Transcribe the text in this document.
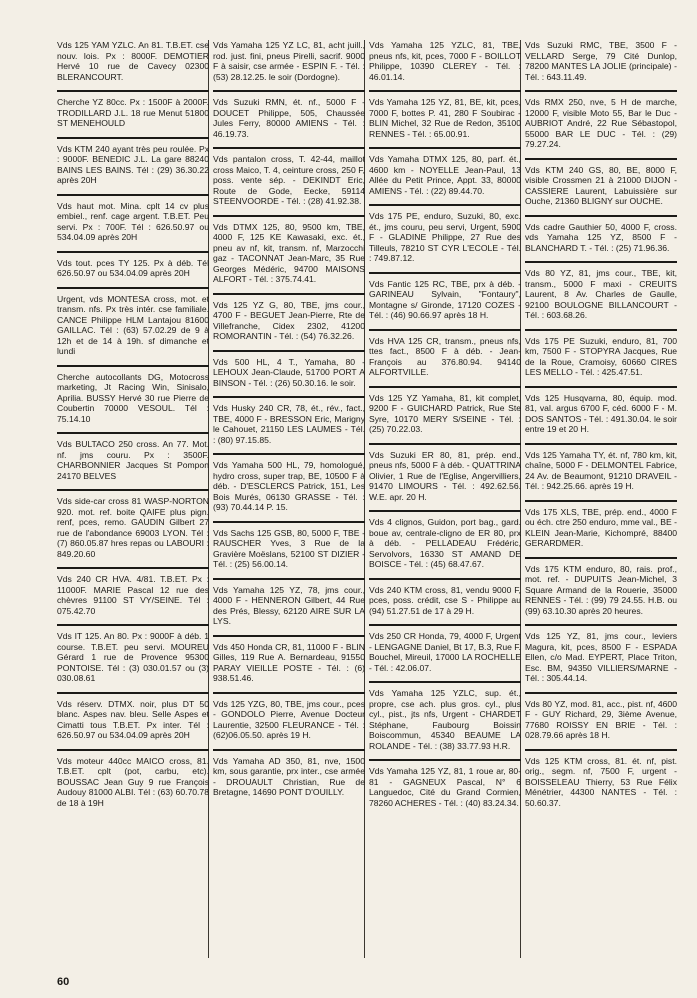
Vds 125 YAM YZLC. An 81. T.B.ET. cse nouv. lois. Px : 8000F. DEMOTIER Hervé 10 rue de Cavecy 02300 BLERANCOURT.

Cherche YZ 80cc. Px : 1500F à 2000F. TRODILLARD J.L. 18 rue Menut 51800 ST MENEHOULD

Vds KTM 240 ayant très peu roulée. Px : 9000F. BENEDIC J.L. La gare 88240 BAINS LES BAINS. Tél : (29) 36.30.22 après 20H

Vds haut mot. Mina. cplt 14 cv plus embiel., renf. cage argent. T.B.ET. Peu servi. Px : 700F. Tél : 626.50.97 ou 534.04.09 après 20H

Vds tout. pces TY 125. Px à déb. Tél 626.50.97 ou 534.04.09 après 20H

Urgent, vds MONTESA cross, mot. et transm. nfs. Px très intér. cse familiale. CANCE Philippe HLM Lantajou 81600 GAILLAC. Tél : (63) 57.02.29 de 9 à 12h et de 14 à 19h. sf dimanche et lundi

Cherche autocollants DG, Motocross marketing, Jt Racing Win, Sinisalo, Aprilia. BUSSY Hervé 30 rue Pierre de Coubertin 70000 VESOUL. Tél : 75.14.10

Vds BULTACO 250 cross. An 77. Mot. nf. jms couru. Px : 3500F. CHARBONNIER Jacques St Pompon 24170 BELVES

Vds side-car cross 81 WASP-NORTON 920. mot. ref. boite QAIFE plus pign. renf, pces, remo. GAUDIN Gilbert 27 rue de l'abondance 69003 LYON. Tél : (7) 860.05.87 hres repas ou LABOURI : 849.20.60

Vds 240 CR HVA. 4/81. T.B.ET. Px : 11000F. MARIE Pascal 12 rue des chèvres 91100 ST VY/SEINE. Tél : 075.42.70

Vds IT 125. An 80. Px : 9000F à déb. 1 course. T.B.ET. peu servi. MOUREU Gérard 1 rue de Provence 95300 PONTOISE. Tél : (3) 030.01.57 ou (3) 030.08.61

Vds réserv. DTMX. noir, plus DT 50 blanc. Aspes nav. bleu. Selle Aspes et Cimatti tous T.B.ET. Px inter. Tél : 626.50.97 ou 534.04.09 après 20H

Vds moteur 440cc MAICO cross, 81. T.B.ET. cplt (pot, carbu, etc). BOUSSAC Jean Guy 9 rue François Audouy 81000 ALBI. Tél : (63) 60.70.78 de 18 à 19H

Vds Yamaha 125 YZ LC, 81, acht juill., rod. just. fini, pneus Pirelli, sacrif. 9000 F à saisir, cse armée - ESPIN F. - Tél. : (53) 28.12.25. le soir (Dordogne).

Vds Suzuki RMN, ét. nf., 5000 F - DOUCET Philippe, 505, Chaussée Jules Ferry, 80000 AMIENS - Tél. : 46.19.73.

Vds pantalon cross, T. 42-44, maillot cross Maico, T. 4, ceinture cross, 250 F, poss. vente sép. - DEKINDT Eric, Route de Gode, Eecke, 59114 STEENVOORDE - Tél. : (28) 41.92.38.

Vds DTMX 125, 80, 9500 km, TBE, 4000 F, 125 KE Kawasaki, exc. ét., pneu av nf, kit, transm. nf, Marzocchi gaz - TACONNAT Jean-Marc, 35 Rue Georges Médéric, 94700 MAISONS ALFORT - Tél. : 375.74.41.

Vds 125 YZ G, 80, TBE, jms cour., 4700 F - BEGUET Jean-Pierre, Rte de Villefranche, Cidex 2302, 41200 ROMORANTIN - Tél. : (54) 76.32.26.

Vds 500 HL, 4 T., Yamaha, 80 - LEHOUX Jean-Claude, 51700 PORT A BINSON - Tél. : (26) 50.30.16. le soir.

Vds Husky 240 CR, 78, ét., rév., fact., TBE, 4000 F - BRESSON Eric, Marigny le Cahouet, 21150 LES LAUMES - Tél. : (80) 97.15.85.

Vds Yamaha 500 HL, 79, homologué, hydro cross, super trap, BE, 10500 F à déb. - D'ESCLERCS Patrick, 151, Les Bois Murés, 06130 GRASSE - Tél. : (93) 70.44.14 P. 15.

Vds Sachs 125 GSB, 80, 5000 F, TBE - RAUSCHER Yves, 3 Rue de la Gravière Moëslans, 52100 ST DIZIER - Tél. : (25) 56.00.14.

Vds Yamaha 125 YZ, 78, jms cour., 4000 F - HENNERON Gilbert, 44 Rue des Prés, Blessy, 62120 AIRE SUR LA LYS.

Vds 450 Honda CR, 81, 11000 F - BLIN Gilles, 119 Rue A. Bernardeau, 91550 PARAY VIEILLE POSTE - Tél. : (6) 938.51.46.

Vds 125 YZG, 80, TBE, jms cour., pces - GONDOLO Pierre, Avenue Docteur Laurentie, 32500 FLEURANCE - Tél. : (62)06.05.50. après 19 H.

Vds Yamaha AD 350, 81, nve, 1500 km, sous garantie, prx inter., cse armée - DROUAULT Christian, Rue de Bretagne, 14690 PONT D'OUILLY.

Vds Yamaha 125 YZLC, 81, TBE, pneus nfs, kit, pces, 7000 F - BOILLOT Philippe, 10390 CLEREY - Tél. : 46.01.14.

Vds Yamaha 125 YZ, 81, BE, kit, pces, 7000 F, bottes P. 41, 280 F Soubirac - BLIN Michel, 32 Rue de Redon, 35100 RENNES - Tél. : 65.00.91.

Vds Yamaha DTMX 125, 80, parf. ét., 4600 km - NOYELLE Jean-Paul, 13 Allée du Petit Prince, Appt. 33, 80000 AMIENS - Tél. : (22) 89.44.70.

Vds 175 PE, enduro, Suzuki, 80, exc. ét., jms couru, peu servi, Urgent, 5900 F - GLADINE Philippe, 27 Rue des Tilleuls, 78210 ST CYR L'ECOLE - Tél. : 749.87.12.

Vds Fantic 125 RC, TBE, prx à déb. - GARINEAU Sylvain, "Fontaury", Montagne s/ Gironde, 17120 COZES - Tél. : (46) 90.66.97 après 18 H.

Vds HVA 125 CR, transm., pneus nfs, ttes fact., 8500 F à déb. - Jean-François au 376.80.94. 94140 ALFORTVILLE.

Vds 125 YZ Yamaha, 81, kit complet, 9200 F - GUICHARD Patrick, Rue Ste Syre, 10170 MERY S/SEINE - Tél. : (25) 70.22.03.

Vds Suzuki ER 80, 81, prép. end., pneus nfs, 5000 F à déb. - QUATTRINA Olivier, 1 Rue de l'Eglise, Angervilliers, 91470 LIMOURS - Tél. : 492.62.56. W.E. apr. 20 H.

Vds 4 clignos, Guidon, port bag., gard. boue av, centrale-cligno de ER 80, prx à déb. - PELLADEAU Frédéric, Servolvors, 16330 ST AMAND DE BOISCE - Tél. : (45) 68.47.67.

Vds 240 KTM cross, 81, vendu 9000 F, pces, poss. crédit, cse S - Philippe au (94) 51.27.51 de 17 à 29 H.

Vds 250 CR Honda, 79, 4000 F, Urgent - LENGAGNE Daniel, Bt 17, B.3, Rue F. Bouchel, Mireuil, 17000 LA ROCHELLE - Tél. : 42.06.07.

Vds Yamaha 125 YZLC, sup. ét., propre, cse ach. plus gros. cyl., plus cyl., pist., jts nfs, Urgent - CHARDET Stéphane, Faubourg Boissin Boiscommun, 45340 BEAUME LA ROLANDE - Tél. : (38) 33.77.93 H.R.

Vds Yamaha 125 YZ, 81, 1 roue ar, 80-81 - GAGNEUX Pascal, N° 6 Languedoc, Cité du Grand Cormien, 78260 ACHERES - Tél. : (40) 83.24.34.

Vds Suzuki RMC, TBE, 3500 F - VELLARD Serge, 79 Cité Dunlop, 78200 MANTES LA JOLIE (principale) - Tél. : 643.11.49.

Vds RMX 250, nve, 5 H de marche, 12000 F, visible Moto 55, Bar le Duc - AUBRIOT André, 22 Rue Sébastopol, 55000 BAR LE DUC - Tél. : (29) 79.27.24.

Vds KTM 240 GS, 80, BE, 8000 F, visible Crossmen 21 à 21000 DIJON - CASSIERE Laurent, Labuissière sur Ouche, 21360 BLIGNY sur OUCHE.

Vds cadre Gauthier 50, 4000 F, cross. vds Yamaha 125 YZ, 8500 F - BLANCHARD T. - Tél. : (25) 71.96.36.

Vds 80 YZ, 81, jms cour., TBE, kit, transm., 5000 F maxi - CREUITS Laurent, 8 Av. Charles de Gaulle, 92100 BOULOGNE BILLANCOURT - Tél. : 603.68.26.

Vds 175 PE Suzuki, enduro, 81, 700 km, 7500 F - STOPYRA Jacques, Rue de la Roue, Cramoisy, 60660 CIRES LES MELLO - Tél. : 425.47.51.

Vds 125 Husqvarna, 80, équip. mod. 81, val. argus 6700 F, céd. 6000 F - M. DOS SANTOS - Tél. : 491.30.04. le soir entre 19 et 20 H.

Vds 125 Yamaha TY, ét. nf, 780 km, kit, chaîne, 5000 F - DELMONTEL Fabrice, 24 Av. de Beaumont, 91210 DRAVEIL - Tél. : 942.25.66. après 19 H.

Vds 175 XLS, TBE, prép. end., 4000 F ou éch. ctre 250 enduro, mme val., BE - KLEIN Jean-Marie, Kichompré, 88400 GERARDMER.

Vds 175 KTM enduro, 80, rais. prof., mot. ref. - DUPUITS Jean-Michel, 3 Square Armand de la Rouerie, 35000 RENNES - Tél. : (99) 79 24.55. H.B. ou (99) 63.10.30 après 20 heures.

Vds 125 YZ, 81, jms cour., leviers Magura, kit, pces, 8500 F - ESPADA Ellen, c/o Mad. EYPERT, Place Triton, Esc. BM, 94350 VILLIERS/MARNE - Tél. : 305.44.14.

Vds 80 YZ, mod. 81, acc., pist. nf, 4600 F - GUY Richard, 29, 3ième Avenue, 77680 ROISSY EN BRIE - Tél. : 028.79.66 après 18 H.

Vds 125 KTM cross, 81. ét. nf, pist. orig., segm. nf, 7500 F, urgent - BOISSELEAU Thierry, 53 Rue Félix Ménétrier, 44300 NANTES - Tél. : 50.60.37.

60
